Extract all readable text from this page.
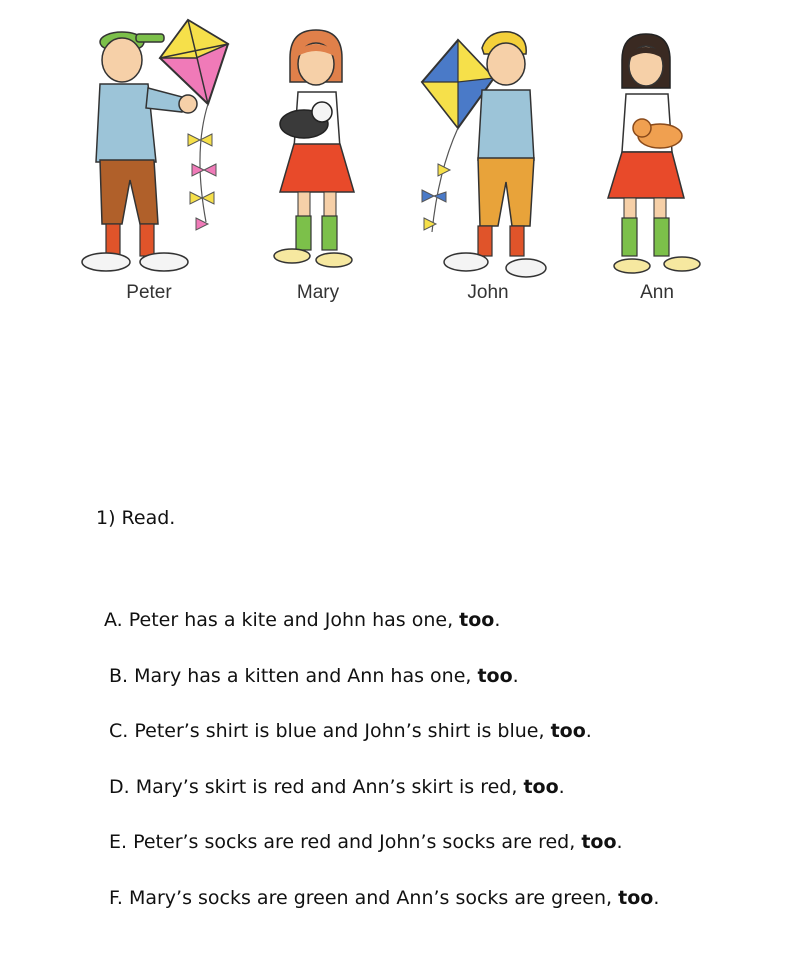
Peter	Mary	John	Ann
1) Read.
A. Peter has a kite and John has one, too.
B. Mary has a kitten and Ann has one, too.
C. Peter’s shirt is blue and John’s shirt is blue, too.
D. Mary’s skirt is red and Ann’s skirt is red, too.
E. Peter’s socks are red and John’s socks are red, too.
F. Mary’s socks are green and Ann’s socks are green, too.
